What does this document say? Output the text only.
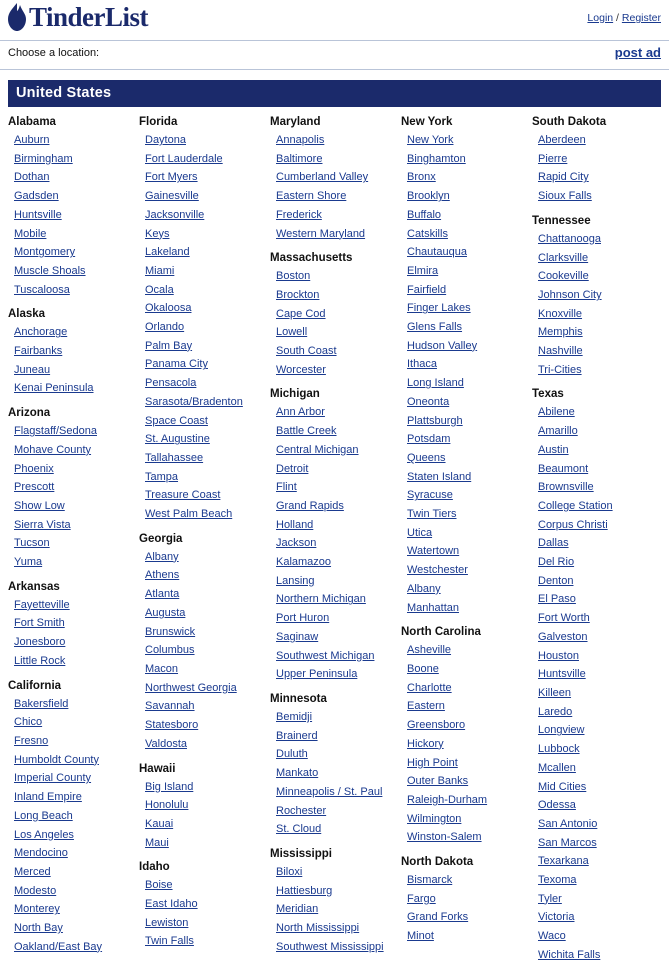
TinderList	Login / Register
Choose a location:	post ad
United States
Alabama
Auburn
Birmingham
Dothan
Gadsden
Huntsville
Mobile
Montgomery
Muscle Shoals
Tuscaloosa
Alaska
Anchorage
Fairbanks
Juneau
Kenai Peninsula
Arizona
Flagstaff/Sedona
Mohave County
Phoenix
Prescott
Show Low
Sierra Vista
Tucson
Yuma
Arkansas
Fayetteville
Fort Smith
Jonesboro
Little Rock
California
Bakersfield
Chico
Fresno
Humboldt County
Imperial County
Inland Empire
Long Beach
Los Angeles
Mendocino
Merced
Modesto
Monterey
North Bay
Oakland/East Bay
Florida
Daytona
Fort Lauderdale
Fort Myers
Gainesville
Jacksonville
Keys
Lakeland
Miami
Ocala
Okaloosa
Orlando
Palm Bay
Panama City
Pensacola
Sarasota/Bradenton
Space Coast
St. Augustine
Tallahassee
Tampa
Treasure Coast
West Palm Beach
Georgia
Albany
Athens
Atlanta
Augusta
Brunswick
Columbus
Macon
Northwest Georgia
Savannah
Statesboro
Valdosta
Hawaii
Big Island
Honolulu
Kauai
Maui
Idaho
Boise
East Idaho
Lewiston
Twin Falls
Maryland
Annapolis
Baltimore
Cumberland Valley
Eastern Shore
Frederick
Western Maryland
Massachusetts
Boston
Brockton
Cape Cod
Lowell
South Coast
Worcester
Michigan
Ann Arbor
Battle Creek
Central Michigan
Detroit
Flint
Grand Rapids
Holland
Jackson
Kalamazoo
Lansing
Northern Michigan
Port Huron
Saginaw
Southwest Michigan
Upper Peninsula
Minnesota
Bemidji
Brainerd
Duluth
Mankato
Minneapolis / St. Paul
Rochester
St. Cloud
Mississippi
Biloxi
Hattiesburg
Meridian
North Mississippi
Southwest Mississippi
New York
New York
Binghamton
Bronx
Brooklyn
Buffalo
Catskills
Chautauqua
Elmira
Fairfield
Finger Lakes
Glens Falls
Hudson Valley
Ithaca
Long Island
Oneonta
Plattsburgh
Potsdam
Queens
Staten Island
Syracuse
Twin Tiers
Utica
Watertown
Westchester
Albany
Manhattan
North Carolina
Asheville
Boone
Charlotte
Eastern
Greensboro
Hickory
High Point
Outer Banks
Raleigh-Durham
Wilmington
Winston-Salem
North Dakota
Bismarck
Fargo
Grand Forks
Minot
South Dakota
Aberdeen
Pierre
Rapid City
Sioux Falls
Tennessee
Chattanooga
Clarksville
Cookeville
Johnson City
Knoxville
Memphis
Nashville
Tri-Cities
Texas
Abilene
Amarillo
Austin
Beaumont
Brownsville
College Station
Corpus Christi
Dallas
Del Rio
Denton
El Paso
Fort Worth
Galveston
Houston
Huntsville
Killeen
Laredo
Longview
Lubbock
Mcallen
Mid Cities
Odessa
San Antonio
San Marcos
Texarkana
Texoma
Tyler
Victoria
Waco
Wichita Falls
